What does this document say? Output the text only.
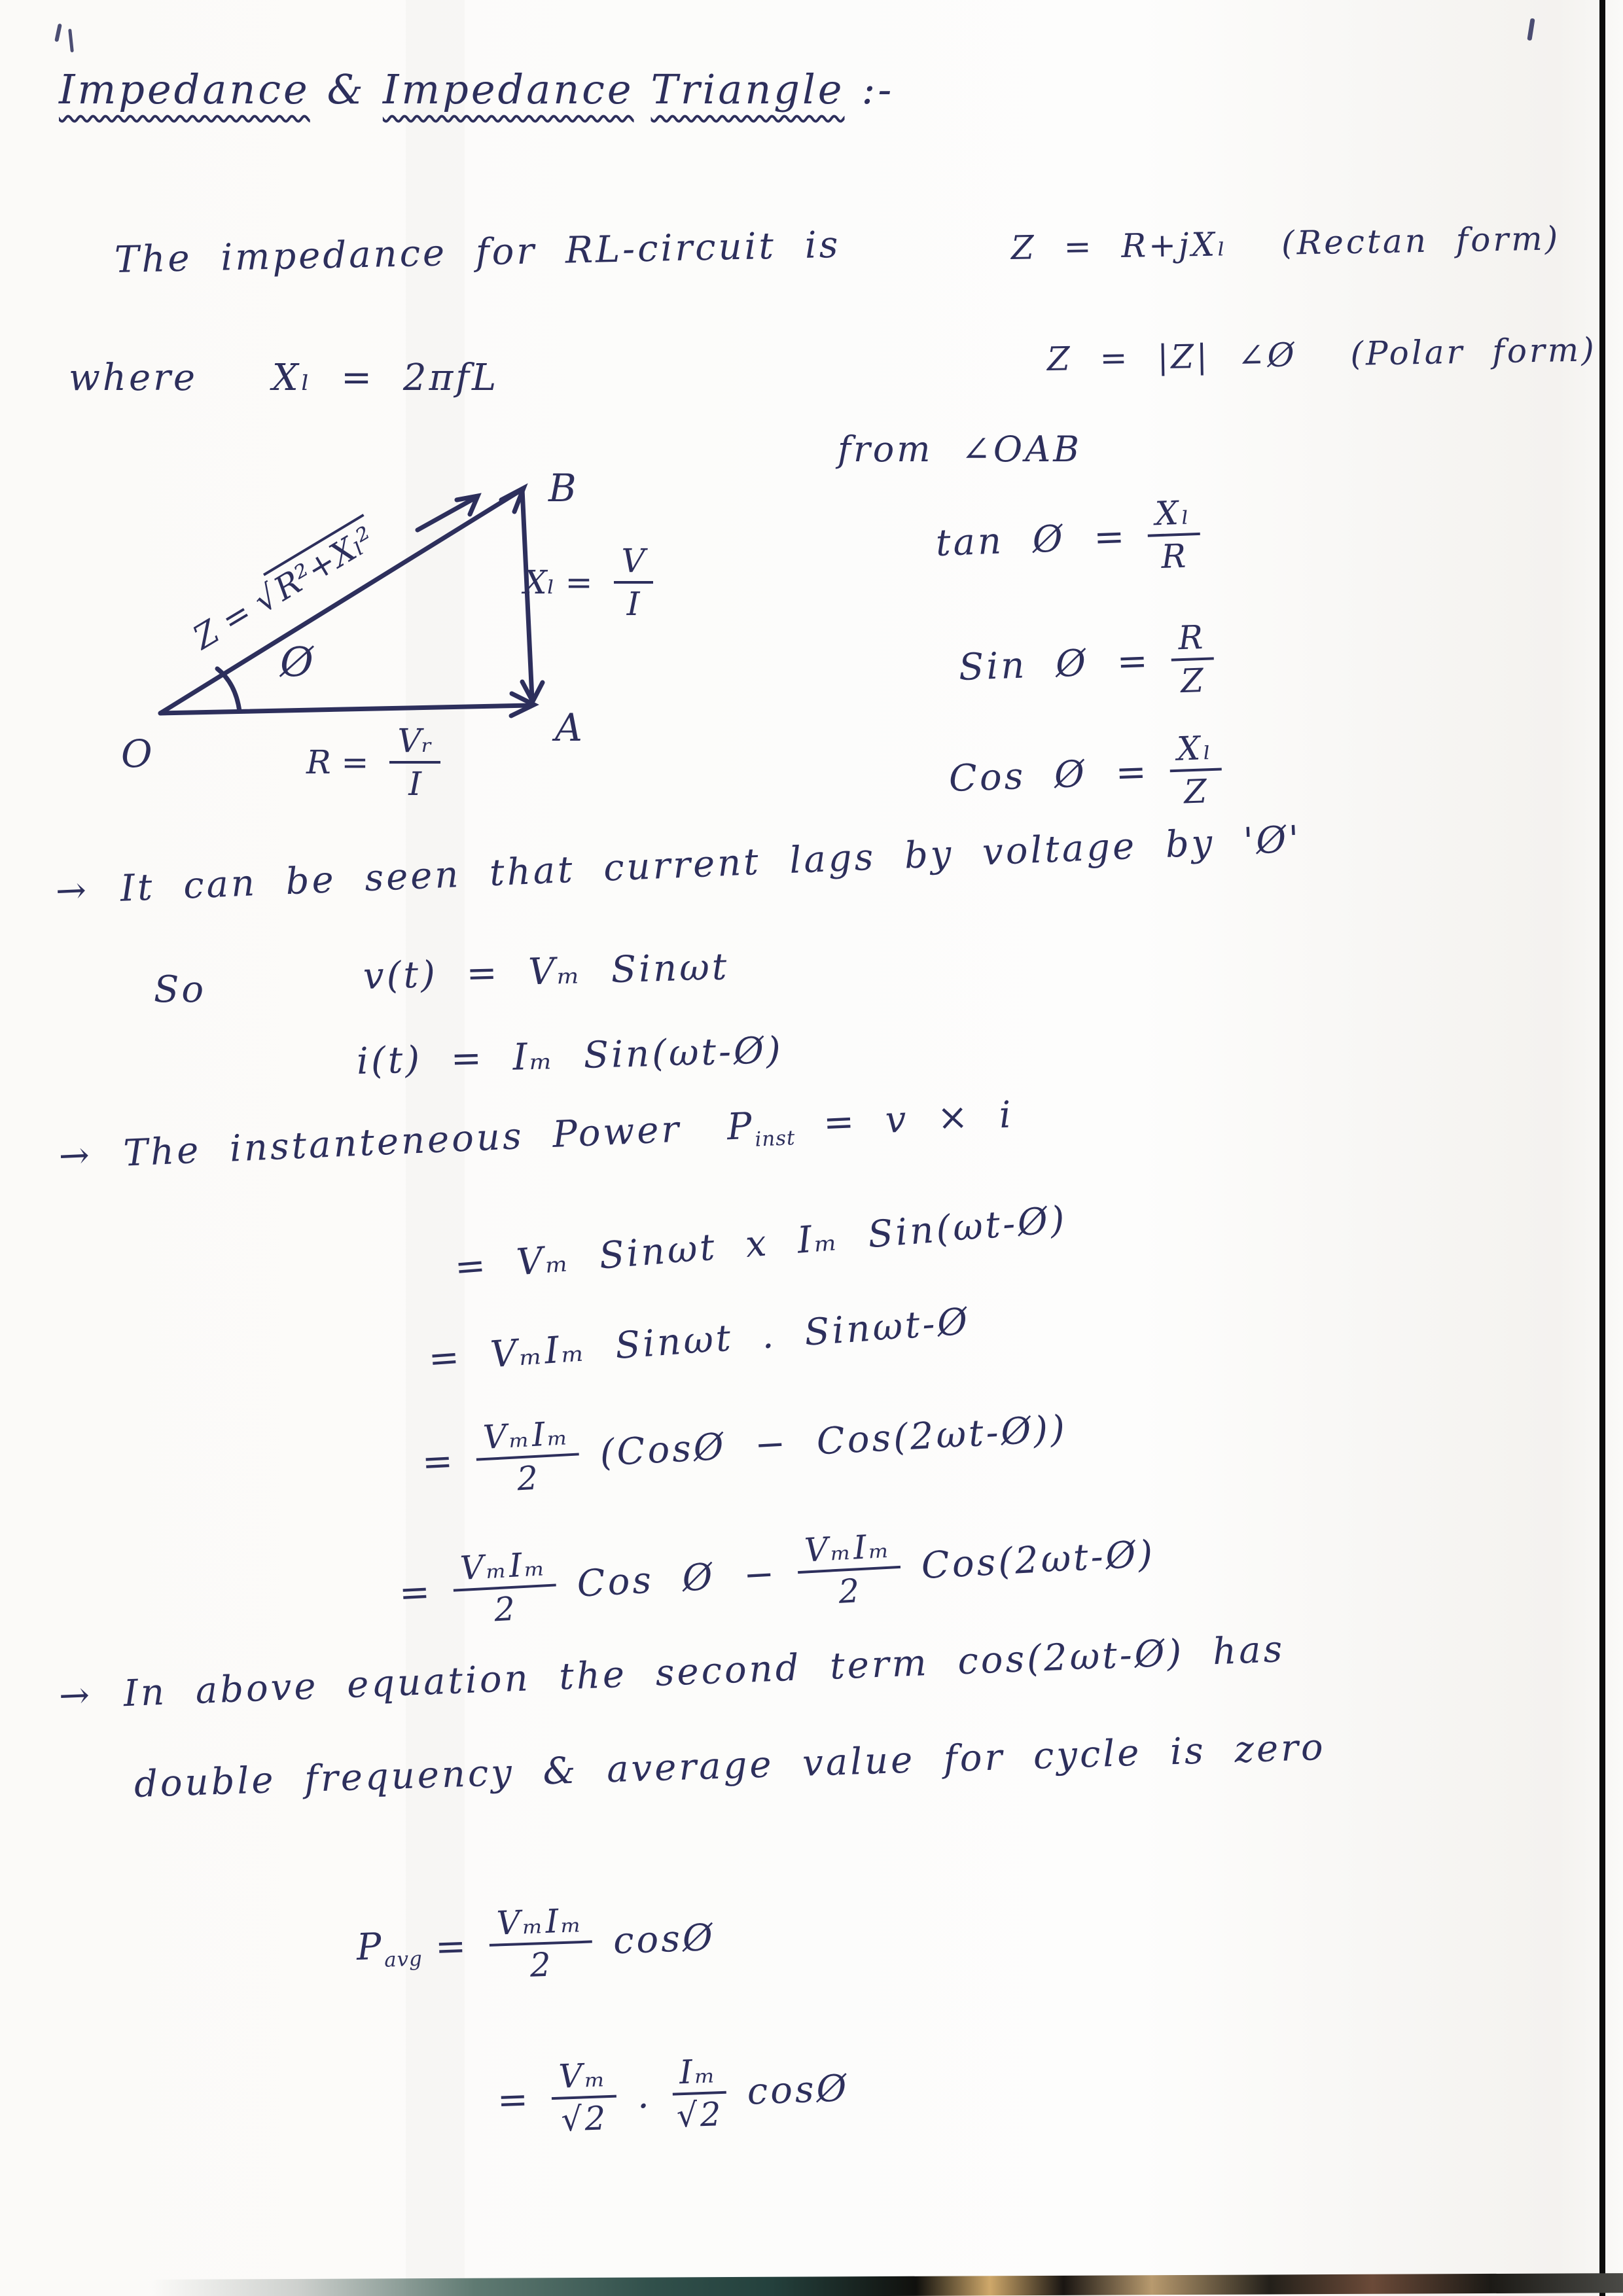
Impedance & Impedance Triangle :-
The impedance for RL-circuit is	Z = R+jXₗ (Rectan form)
Z = |Z| ∠Ø (Polar form)
where Xₗ = 2πfL
O
A
B
Ø
Z = √R²+Xₗ²	$X_l = \frac{V}{I}$
$R = \frac{\text{Vᵣ}}{I}$
from ∠OAB
tan Ø = $\frac{\text{Xₗ}}{R}$
Sin Ø = $\frac{R}{Z}$
Cos Ø = $\frac{\text{Xₗ}}{Z}$
→ It can be seen that current lags by voltage by 'Ø'
So	v(t) = Vₘ Sinωt
i(t) = Iₘ Sin(ωt-Ø)
→ The instanteneous Power $P_{inst} = v \times i$
= Vₘ Sinωt x Iₘ Sin(ωt-Ø)
= VₘIₘ Sinωt . Sinωt-Ø
= $\frac{\text{VₘIₘ}}{2}$ (CosØ − Cos(2ωt-Ø))
= $\frac{\text{VₘIₘ}}{2}$ Cos Ø − $\frac{\text{VₘIₘ}}{2}$ Cos(2ωt-Ø)
→ In above equation the second term cos(2ωt-Ø) has
double frequency & average value for cycle is zero
$P_{avg} = \frac{\text{VₘIₘ}}{2}$ cosØ
= $\frac{\text{Vₘ}}{√2}$ . $\frac{\text{Iₘ}}{√2}$ cosØ
